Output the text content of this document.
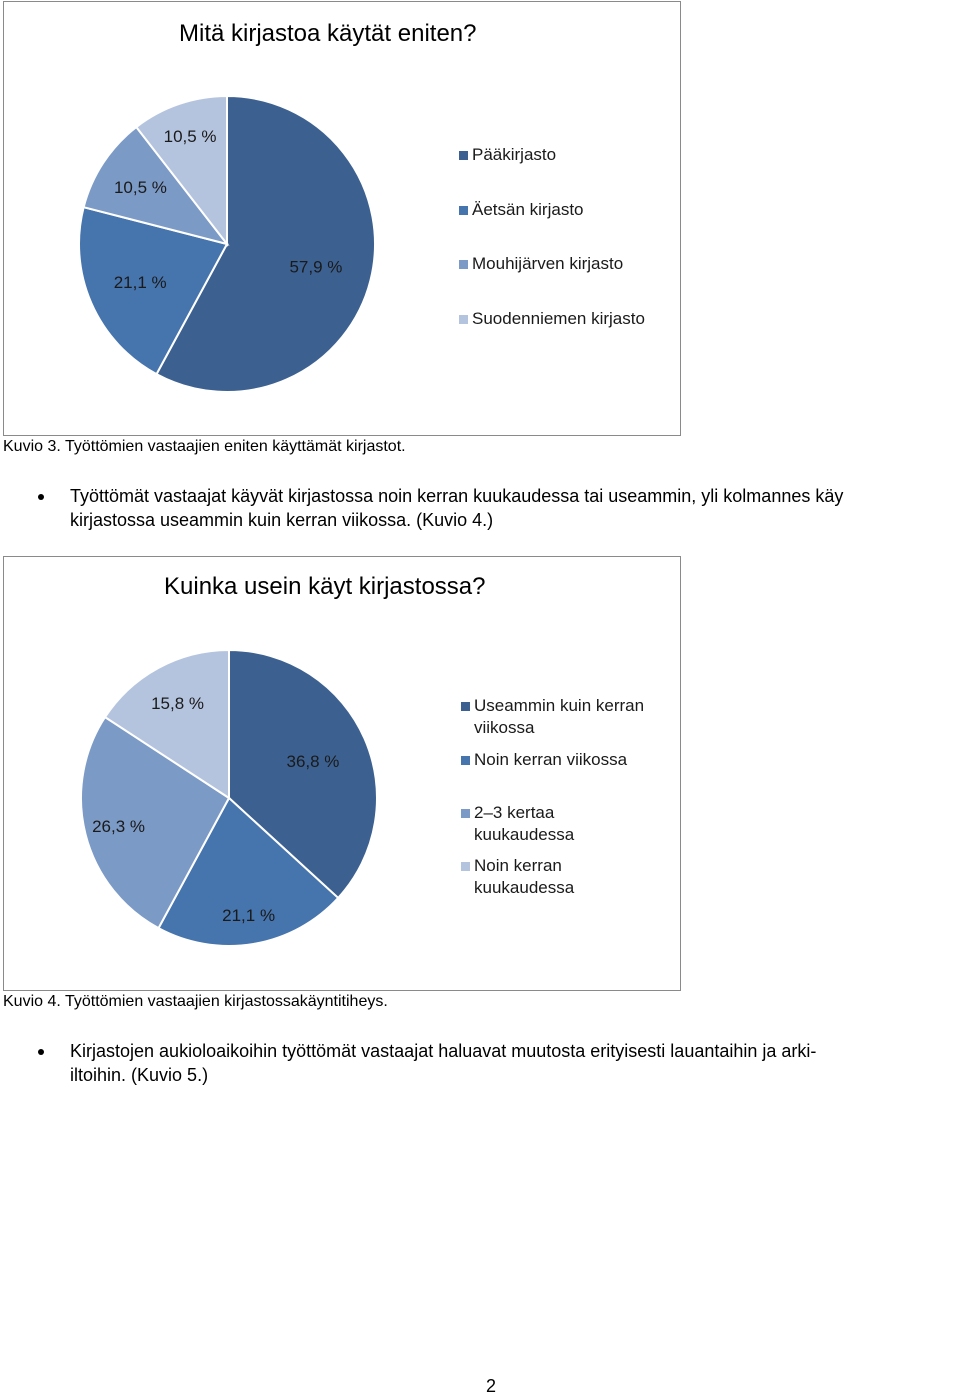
Mitä kirjastoa käytät eniten?
57,9 %
21,1 %
10,5 %
10,5 %
Pääkirjasto
Äetsän kirjasto
Mouhijärven kirjasto
Suodenniemen kirjasto
Kuvio 3. Työttömien vastaajien eniten käyttämät kirjastot.
Työttömät vastaajat käyvät kirjastossa noin kerran kuukaudessa tai useammin, yli kolmannes käy
kirjastossa useammin kuin kerran viikossa. (Kuvio 4.)
Kuinka usein käyt kirjastossa?
36,8 %
21,1 %
26,3 %
15,8 %	Useammin kuin kerran
viikossa
Noin kerran viikossa
2–3 kertaa
kuukaudessa
Noin kerran
kuukaudessa
Kuvio 4. Työttömien vastaajien kirjastossakäyntitiheys.
Kirjastojen aukioloaikoihin työttömät vastaajat haluavat muutosta erityisesti lauantaihin ja arki-
iltoihin. (Kuvio 5.)
2
